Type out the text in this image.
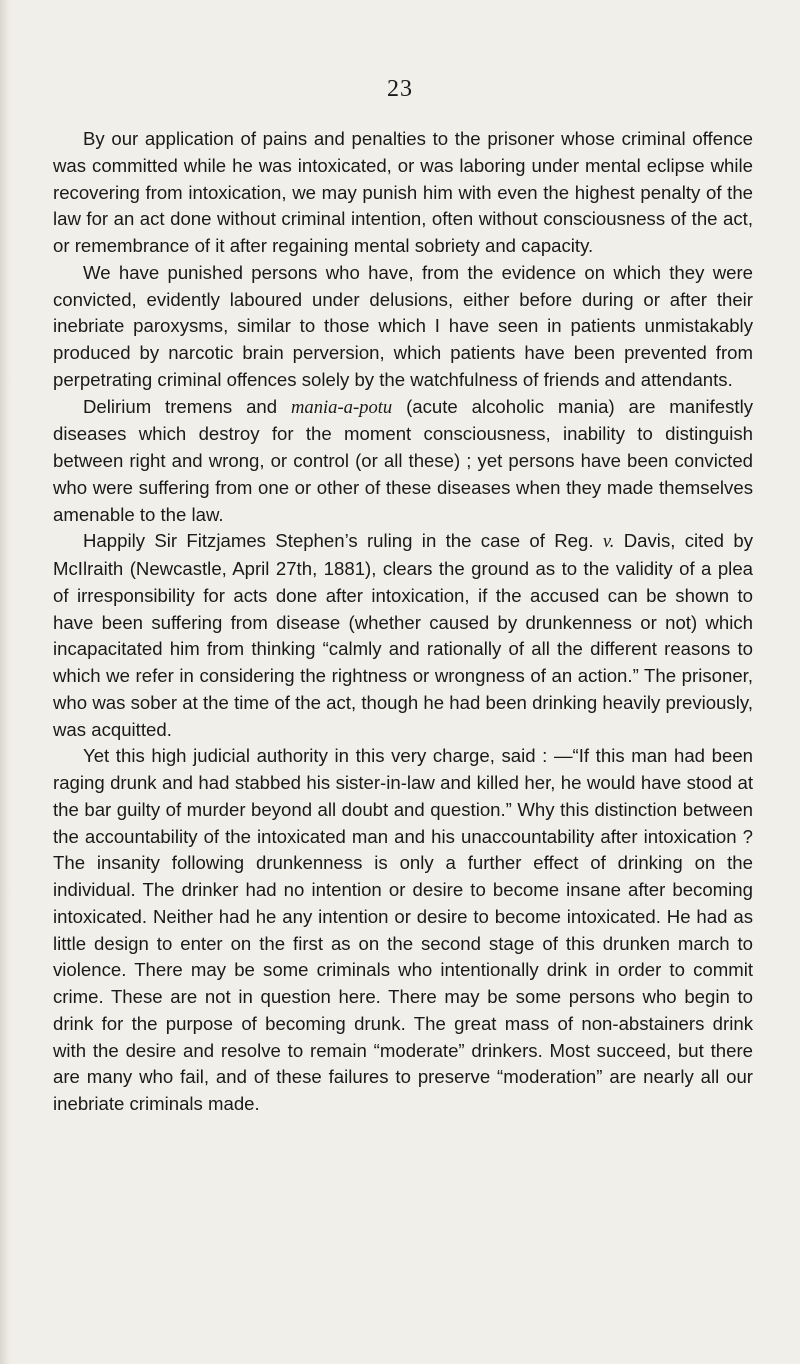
23

By our application of pains and penalties to the prisoner whose criminal offence was committed while he was intoxicated, or was laboring under mental eclipse while recovering from intoxication, we may punish him with even the highest penalty of the law for an act done without criminal intention, often without consciousness of the act, or remembrance of it after regaining mental sobriety and capacity.

We have punished persons who have, from the evidence on which they were convicted, evidently laboured under delusions, either before during or after their inebriate paroxysms, similar to those which I have seen in patients unmistakably produced by narcotic brain perversion, which patients have been prevented from perpetrating criminal offences solely by the watchfulness of friends and attendants.

Delirium tremens and mania-a-potu (acute alcoholic mania) are manifestly diseases which destroy for the moment consciousness, inability to distinguish between right and wrong, or control (or all these) ; yet persons have been convicted who were suffering from one or other of these diseases when they made themselves amenable to the law.

Happily Sir Fitzjames Stephen’s ruling in the case of Reg. v. Davis, cited by McIlraith (Newcastle, April 27th, 1881), clears the ground as to the validity of a plea of irresponsibility for acts done after intoxication, if the accused can be shown to have been suffering from disease (whether caused by drunkenness or not) which incapacitated him from thinking “calmly and rationally of all the different reasons to which we refer in considering the rightness or wrongness of an action.” The prisoner, who was sober at the time of the act, though he had been drinking heavily previously, was acquitted.

Yet this high judicial authority in this very charge, said : —“If this man had been raging drunk and had stabbed his sister-in-law and killed her, he would have stood at the bar guilty of murder beyond all doubt and question.” Why this distinction between the accountability of the intoxicated man and his unaccountability after intoxication ? The insanity following drunkenness is only a further effect of drinking on the individual. The drinker had no intention or desire to become insane after becoming intoxicated. Neither had he any intention or desire to become intoxicated. He had as little design to enter on the first as on the second stage of this drunken march to violence. There may be some criminals who intentionally drink in order to commit crime. These are not in question here. There may be some persons who begin to drink for the purpose of becoming drunk. The great mass of non-abstainers drink with the desire and resolve to remain “moderate” drinkers. Most succeed, but there are many who fail, and of these failures to preserve “moderation” are nearly all our inebriate criminals made.
